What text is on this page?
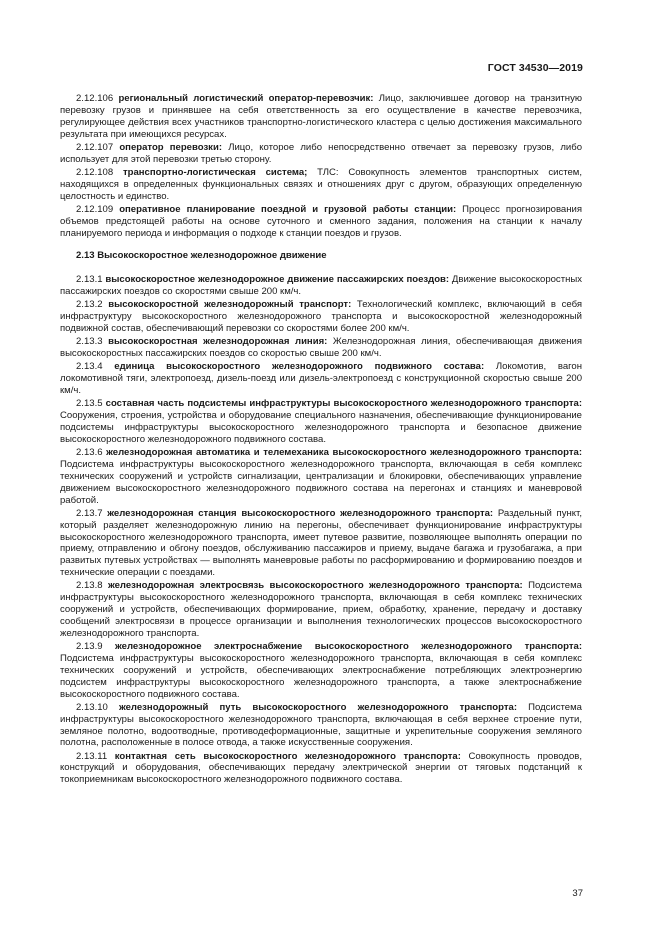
ГОСТ 34530—2019

2.12.106 региональный логистический оператор-перевозчик: Лицо, заключившее договор на транзитную перевозку грузов и принявшее на себя ответственность за его осуществление в качестве перевозчика, регулирующее действия всех участников транспортно-логистического кластера с целью достижения максимального результата при имеющихся ресурсах.

2.12.107 оператор перевозки: Лицо, которое либо непосредственно отвечает за перевозку грузов, либо использует для этой перевозки третью сторону.

2.12.108 транспортно-логистическая система; ТЛС: Совокупность элементов транспортных систем, находящихся в определенных функциональных связях и отношениях друг с другом, образующих определенную целостность и единство.

2.12.109 оперативное планирование поездной и грузовой работы станции: Процесс прогнозирования объемов предстоящей работы на основе суточного и сменного задания, положения на станции к началу планируемого периода и информация о подходе к станции поездов и грузов.

2.13 Высокоскоростное железнодорожное движение

2.13.1 высокоскоростное железнодорожное движение пассажирских поездов: Движение высокоскоростных пассажирских поездов со скоростями свыше 200 км/ч.

2.13.2 высокоскоростной железнодорожный транспорт: Технологический комплекс, включающий в себя инфраструктуру высокоскоростного железнодорожного транспорта и высокоскоростной железнодорожный подвижной состав, обеспечивающий перевозки со скоростями более 200 км/ч.

2.13.3 высокоскоростная железнодорожная линия: Железнодорожная линия, обеспечивающая движения высокоскоростных пассажирских поездов со скоростью свыше 200 км/ч.

2.13.4 единица высокоскоростного железнодорожного подвижного состава: Локомотив, вагон локомотивной тяги, электропоезд, дизель-поезд или дизель-электропоезд с конструкционной скоростью свыше 200 км/ч.

2.13.5 составная часть подсистемы инфраструктуры высокоскоростного железнодорожного транспорта: Сооружения, строения, устройства и оборудование специального назначения, обеспечивающие функционирование подсистемы инфраструктуры высокоскоростного железнодорожного транспорта и безопасное движение высокоскоростного железнодорожного подвижного состава.

2.13.6 железнодорожная автоматика и телемеханика высокоскоростного железнодорожного транспорта: Подсистема инфраструктуры высокоскоростного железнодорожного транспорта, включающая в себя комплекс технических сооружений и устройств сигнализации, централизации и блокировки, обеспечивающих управление движением высокоскоростного железнодорожного подвижного состава на перегонах и станциях и маневровой работой.

2.13.7 железнодорожная станция высокоскоростного железнодорожного транспорта: Раздельный пункт, который разделяет железнодорожную линию на перегоны, обеспечивает функционирование инфраструктуры высокоскоростного железнодорожного транспорта, имеет путевое развитие, позволяющее выполнять операции по приему, отправлению и обгону поездов, обслуживанию пассажиров и приему, выдаче багажа и грузобагажа, а при развитых путевых устройствах — выполнять маневровые работы по расформированию и формированию поездов и технические операции с поездами.

2.13.8 железнодорожная электросвязь высокоскоростного железнодорожного транспорта: Подсистема инфраструктуры высокоскоростного железнодорожного транспорта, включающая в себя комплекс технических сооружений и устройств, обеспечивающих формирование, прием, обработку, хранение, передачу и доставку сообщений электросвязи в процессе организации и выполнения технологических процессов высокоскоростного железнодорожного транспорта.

2.13.9 железнодорожное электроснабжение высокоскоростного железнодорожного транспорта: Подсистема инфраструктуры высокоскоростного железнодорожного транспорта, включающая в себя комплекс технических сооружений и устройств, обеспечивающих электроснабжение потребляющих электроэнергию подсистем инфраструктуры высокоскоростного железнодорожного транспорта, а также электроснабжение высокоскоростного подвижного состава.

2.13.10 железнодорожный путь высокоскоростного железнодорожного транспорта: Подсистема инфраструктуры высокоскоростного железнодорожного транспорта, включающая в себя верхнее строение пути, земляное полотно, водоотводные, противодеформационные, защитные и укрепительные сооружения земляного полотна, расположенные в полосе отвода, а также искусственные сооружения.

2.13.11 контактная сеть высокоскоростного железнодорожного транспорта: Совокупность проводов, конструкций и оборудования, обеспечивающих передачу электрической энергии от тяговых подстанций к токоприемникам высокоскоростного железнодорожного подвижного состава.

37
